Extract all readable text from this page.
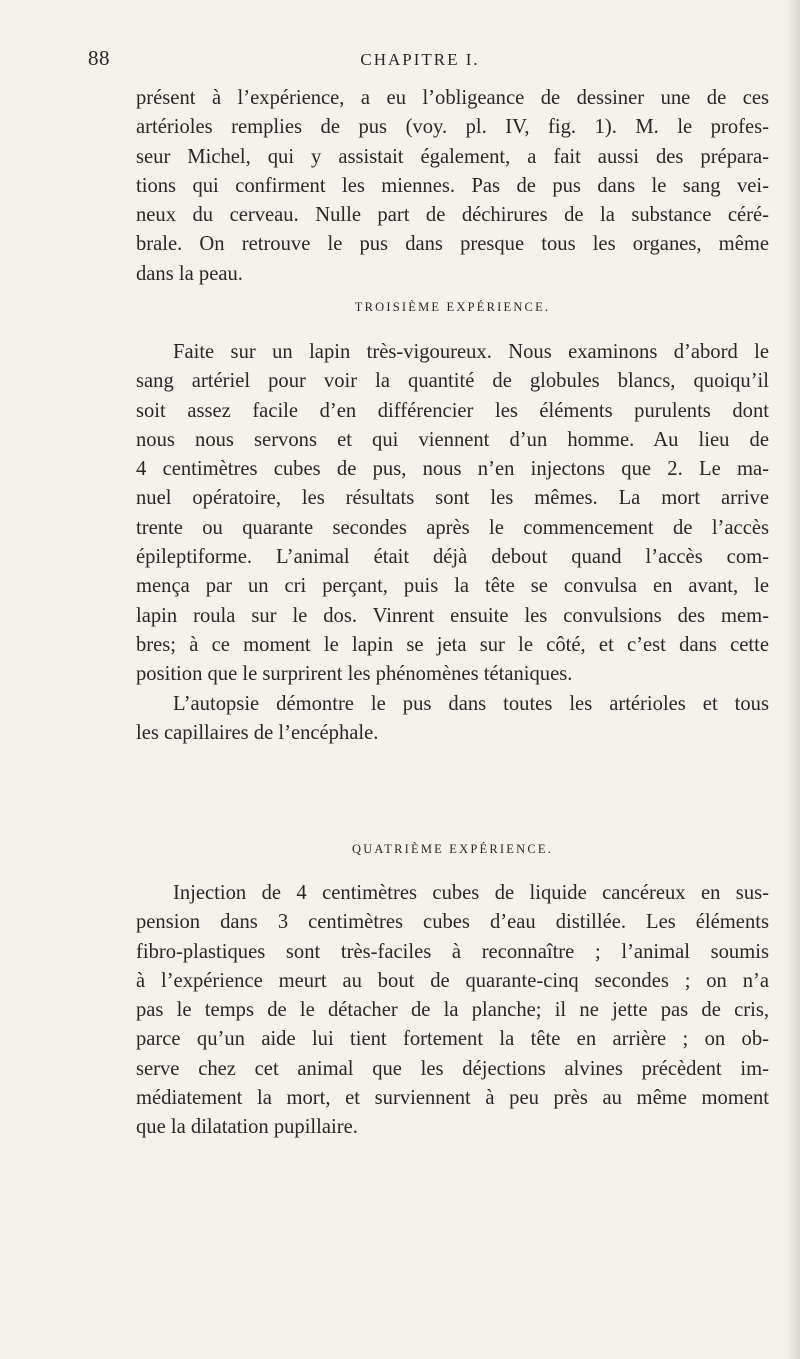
88	CHAPITRE I.

présent à l’expérience, a eu l’obligeance de dessiner une de ces
artérioles remplies de pus (voy. pl. IV, fig. 1). M. le profes-
seur Michel, qui y assistait également, a fait aussi des prépara-
tions qui confirment les miennes. Pas de pus dans le sang vei-
neux du cerveau. Nulle part de déchirures de la substance céré-
brale. On retrouve le pus dans presque tous les organes, même
dans la peau.

TROISIÈME EXPÉRIENCE.

Faite sur un lapin très-vigoureux. Nous examinons d’abord le
sang artériel pour voir la quantité de globules blancs, quoiqu’il
soit assez facile d’en différencier les éléments purulents dont
nous nous servons et qui viennent d’un homme. Au lieu de
4 centimètres cubes de pus, nous n’en injectons que 2. Le ma-
nuel opératoire, les résultats sont les mêmes. La mort arrive
trente ou quarante secondes après le commencement de l’accès
épileptiforme. L’animal était déjà debout quand l’accès com-
mença par un cri perçant, puis la tête se convulsa en avant, le
lapin roula sur le dos. Vinrent ensuite les convulsions des mem-
bres; à ce moment le lapin se jeta sur le côté, et c’est dans cette
position que le surprirent les phénomènes tétaniques.

L’autopsie démontre le pus dans toutes les artérioles et tous
les capillaires de l’encéphale.

QUATRIÈME EXPÉRIENCE.

Injection de 4 centimètres cubes de liquide cancéreux en sus-
pension dans 3 centimètres cubes d’eau distillée. Les éléments
fibro-plastiques sont très-faciles à reconnaître ; l’animal soumis
à l’expérience meurt au bout de quarante-cinq secondes ; on n’a
pas le temps de le détacher de la planche; il ne jette pas de cris,
parce qu’un aide lui tient fortement la tête en arrière ; on ob-
serve chez cet animal que les déjections alvines précèdent im-
médiatement la mort, et surviennent à peu près au même moment
que la dilatation pupillaire.
